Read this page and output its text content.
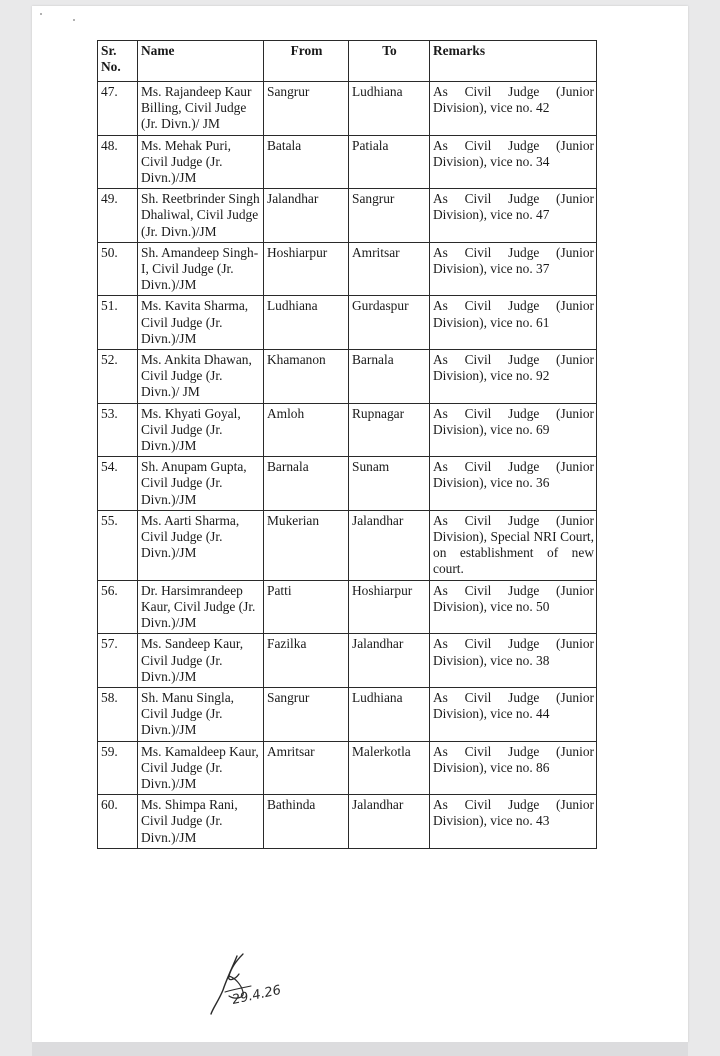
Sr. No.	Name	From	To	Remarks
47.	Ms. Rajandeep Kaur Billing, Civil Judge (Jr. Divn.)/ JM	Sangrur	Ludhiana	As Civil Judge (Junior Division), vice no. 42
48.	Ms. Mehak Puri, Civil Judge (Jr. Divn.)/JM	Batala	Patiala	As Civil Judge (Junior Division), vice no. 34
49.	Sh. Reetbrinder Singh Dhaliwal, Civil Judge (Jr. Divn.)/JM	Jalandhar	Sangrur	As Civil Judge (Junior Division), vice no. 47
50.	Sh. Amandeep Singh-I, Civil Judge (Jr. Divn.)/JM	Hoshiarpur	Amritsar	As Civil Judge (Junior Division), vice no. 37
51.	Ms. Kavita Sharma, Civil Judge (Jr. Divn.)/JM	Ludhiana	Gurdaspur	As Civil Judge (Junior Division), vice no. 61
52.	Ms. Ankita Dhawan, Civil Judge (Jr. Divn.)/ JM	Khamanon	Barnala	As Civil Judge (Junior Division), vice no. 92
53.	Ms. Khyati Goyal, Civil Judge (Jr. Divn.)/JM	Amloh	Rupnagar	As Civil Judge (Junior Division), vice no. 69
54.	Sh. Anupam Gupta, Civil Judge (Jr. Divn.)/JM	Barnala	Sunam	As Civil Judge (Junior Division), vice no. 36
55.	Ms. Aarti Sharma, Civil Judge (Jr. Divn.)/JM	Mukerian	Jalandhar	As Civil Judge (Junior Division), Special NRI Court, on establishment of new court.
56.	Dr. Harsimrandeep Kaur, Civil Judge (Jr. Divn.)/JM	Patti	Hoshiarpur	As Civil Judge (Junior Division), vice no. 50
57.	Ms. Sandeep Kaur, Civil Judge (Jr. Divn.)/JM	Fazilka	Jalandhar	As Civil Judge (Junior Division), vice no. 38
58.	Sh. Manu Singla, Civil Judge (Jr. Divn.)/JM	Sangrur	Ludhiana	As Civil Judge (Junior Division), vice no. 44
59.	Ms. Kamaldeep Kaur, Civil Judge (Jr. Divn.)/JM	Amritsar	Malerkotla	As Civil Judge (Junior Division), vice no. 86
60.	Ms. Shimpa Rani, Civil Judge (Jr. Divn.)/JM	Bathinda	Jalandhar	As Civil Judge (Junior Division), vice no. 43
29.4.26
